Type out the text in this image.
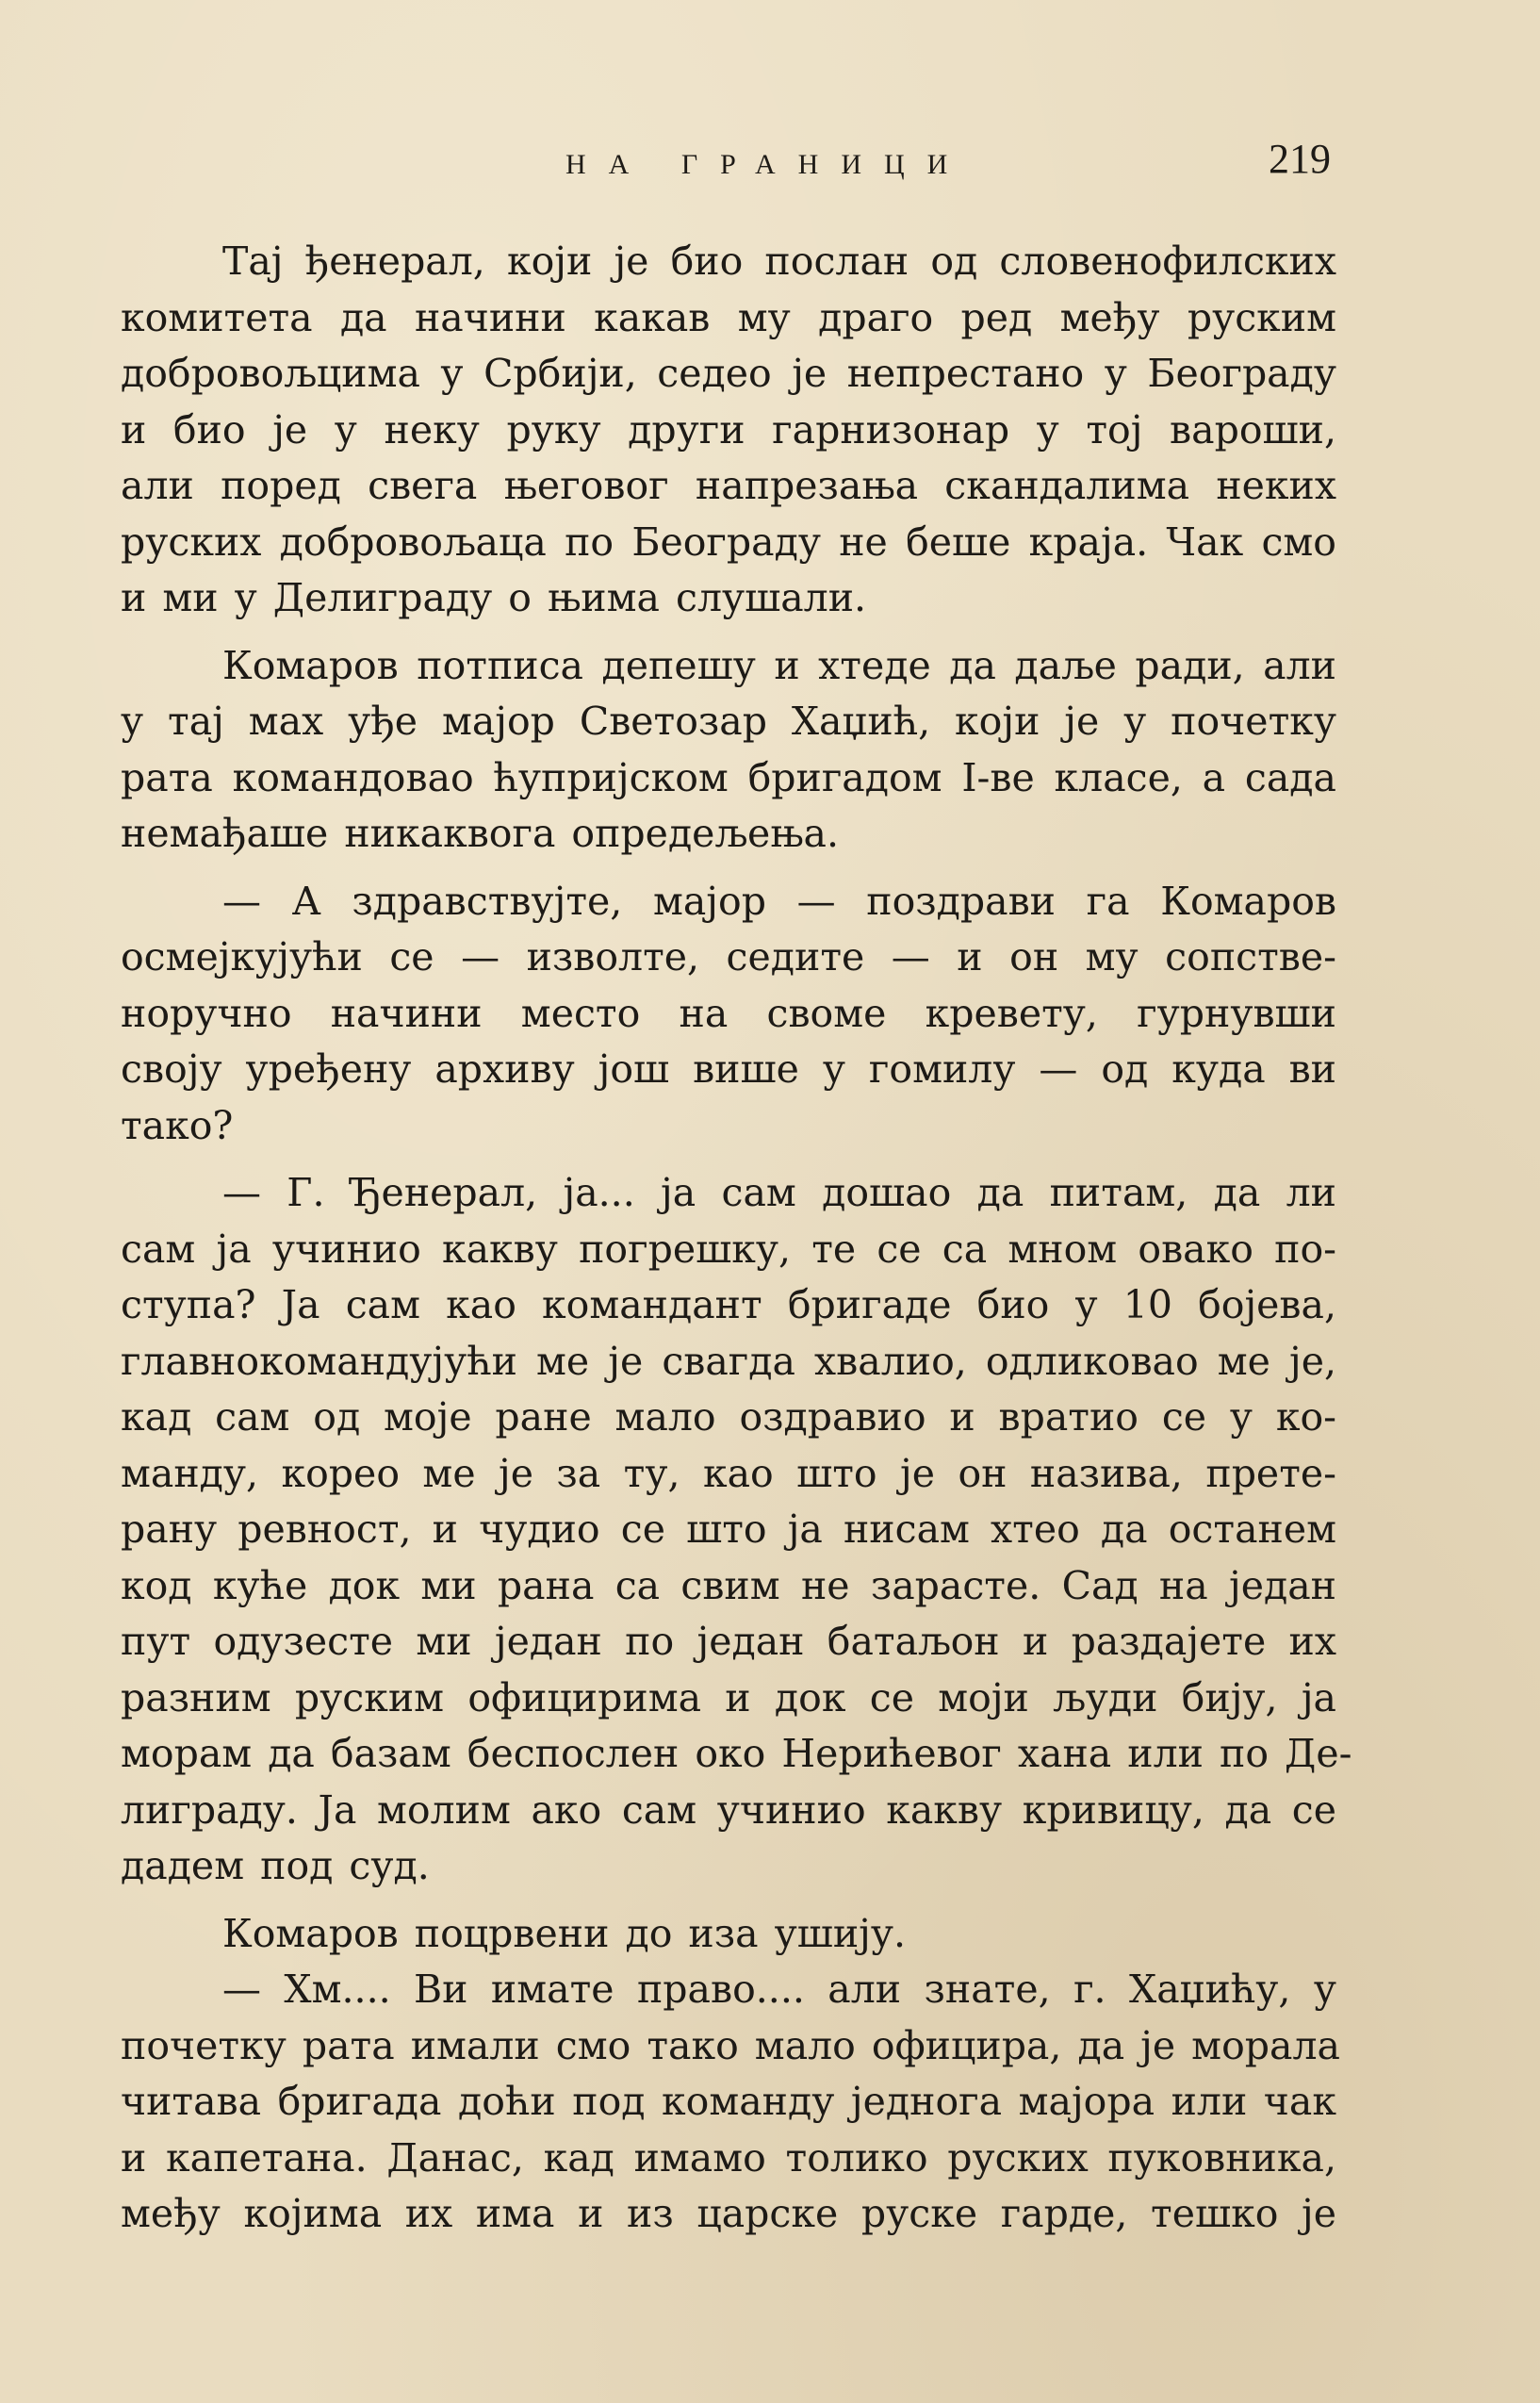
НА ГРАНИЦИ	219
Тај ђенерал, који је био послан од словенофилских
комитета да начини какав му драго ред међу руским
добровољцима у Србији, седео је непрестано у Београду
и био је у неку руку други гарнизонар у тој вароши,
али поред свега његовог напрезања скандалима неких
руских добровољаца по Београду не беше краја. Чак смо
и ми у Делиграду о њима слушали.
Комаров потписа депешу и хтеде да даље ради, али
у тај мах уђе мајор Светозар Хаџић, који је у почетку
рата командовао ћупријском бригадом I-ве класе, а сада
немађаше никаквога опредељења.
— А здравствујте, мајор — поздрави га Комаров
осмејкујући се — изволте, седите — и он му сопстве-
норучно начини место на своме кревету, гурнувши
своју уређену архиву још више у гомилу — од куда ви
тако?
— Г. Ђенерал, ја... ја сам дошао да питам, да ли
сам ја учинио какву погрешку, те се са мном овако по-
ступа? Ја сам као командант бригаде био у 10 бојева,
главнокомандујући ме је свагда хвалио, одликовао ме је,
кад сам од моје ране мало оздравио и вратио се у ко-
манду, корео ме је за ту, као што је он назива, прете-
рану ревност, и чудио се што ја нисам хтео да останем
код куће док ми рана са свим не зарасте. Сад на један
пут одузесте ми један по један батаљон и раздајете их
разним руским официрима и док се моји људи бију, ја
морам да базам беспослен око Нерићевог хана или по Де-
лиграду. Ја молим ако сам учинио какву кривицу, да се
дадем под суд.
Комаров поцрвени до иза ушију.
— Хм.... Ви имате право.... али знате, г. Хаџићу, у
почетку рата имали смо тако мало официра, да је морала
читава бригада доћи под команду једнога мајора или чак
и капетана. Данас, кад имамо толико руских пуковника,
међу којима их има и из царске руске гарде, тешко је
